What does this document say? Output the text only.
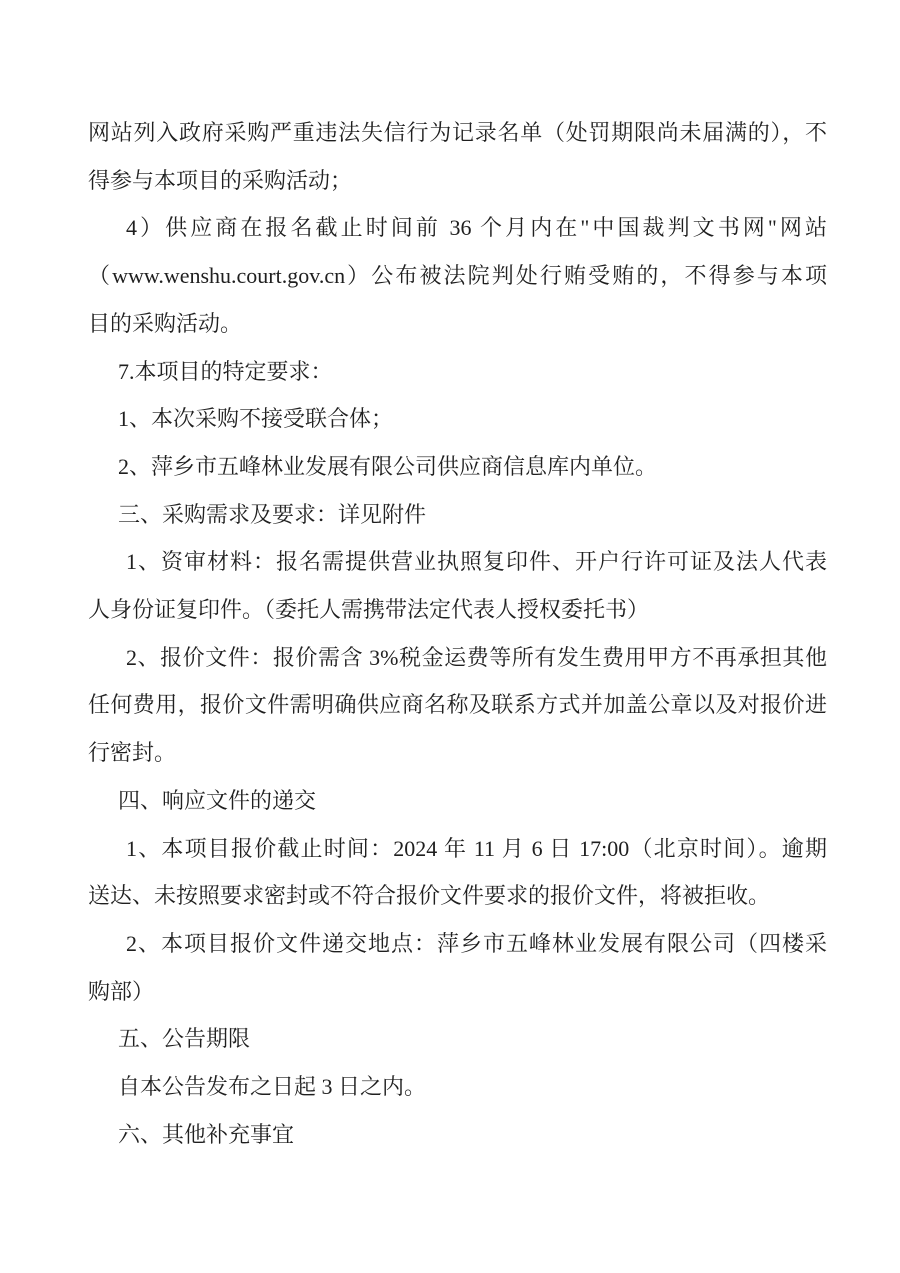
网站列入政府采购严重违法失信行为记录名单（处罚期限尚未届满的），不
得参与本项目的采购活动；
4）供应商在报名截止时间前 36 个月内在"中国裁判文书网"网站
（www.wenshu.court.gov.cn）公布被法院判处行贿受贿的，不得参与本项
目的采购活动。
7.本项目的特定要求：
1、本次采购不接受联合体；
2、萍乡市五峰林业发展有限公司供应商信息库内单位。
三、采购需求及要求：详见附件
1、资审材料：报名需提供营业执照复印件、开户行许可证及法人代表
人身份证复印件。（委托人需携带法定代表人授权委托书）
2、报价文件：报价需含 3%税金运费等所有发生费用甲方不再承担其他
任何费用，报价文件需明确供应商名称及联系方式并加盖公章以及对报价进
行密封。
四、响应文件的递交
1、本项目报价截止时间：2024 年 11 月 6 日 17:00（北京时间）。逾期
送达、未按照要求密封或不符合报价文件要求的报价文件，将被拒收。
2、本项目报价文件递交地点：萍乡市五峰林业发展有限公司（四楼采
购部）
五、公告期限
自本公告发布之日起 3 日之内。
六、其他补充事宜
